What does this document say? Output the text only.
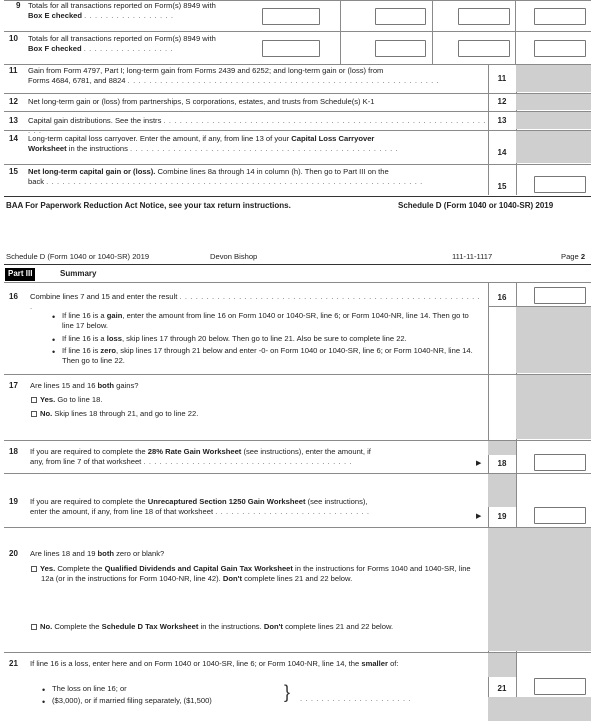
9 Totals for all transactions reported on Form(s) 8949 with
Box E checked . . . . . . . . . . . . . . . . .
10 Totals for all transactions reported on Form(s) 8949 with
Box F checked . . . . . . . . . . . . . . . . .
11 Gain from Form 4797, Part I; long-term gain from Forms 2439 and 6252; and long-term gain or (loss) from
Forms 4684, 6781, and 8824 . . . . . . . . . . . . . . . . . . . . . . . . . . . . . . . . . . . . . . . . . . . . . . . . . . . . . . . . . .	11
12 Net long-term gain or (loss) from partnerships, S corporations, estates, and trusts from Schedule(s) K-1	12
13 Capital gain distributions. See the instrs . . . . . . . . . . . . . . . . . . . . . . . . . . . . . . . . . . . . . . . . . . . . . . . . . . . . . . . . . . . . . . .
13
14 Long-term capital loss carryover. Enter the amount, if any, from line 13 of your Capital Loss Carryover
Worksheet in the instructions . . . . . . . . . . . . . . . . . . . . . . . . . . . . . . . . . . . . . . . . . . . . . . . . . .	14
15 Net long-term capital gain or (loss). Combine lines 8a through 14 in column (h). Then go to Part III on the
back . . . . . . . . . . . . . . . . . . . . . . . . . . . . . . . . . . . . . . . . . . . . . . . . . . . . . . . . . . . . . . . . . . . . . .
15
BAA For Paperwork Reduction Act Notice, see your tax return instructions.	Schedule D (Form 1040 or 1040-SR) 2019
Schedule D (Form 1040 or 1040-SR) 2019	Devon Bishop	111-11-1117	Page 2
Part III	Summary
16 Combine lines 7 and 15 and enter the result . . . . . . . . . . . . . . . . . . . . . . . . . . . . . . . . . . . . . . . . . . . . . . . . . . . . . . . . .
16
• If line 16 is a gain, enter the amount from line 16 on Form 1040 or 1040-SR, line 6; or Form 1040-NR, line 14. Then go to line 17 below.
• If line 16 is a loss, skip lines 17 through 20 below. Then go to line 21. Also be sure to complete line 22.
• If line 16 is zero, skip lines 17 through 21 below and enter -0- on Form 1040 or 1040-SR, line 6; or Form 1040-NR, line 14. Then go to line 22.
17 Are lines 15 and 16 both gains?
Yes. Go to line 18.
No. Skip lines 18 through 21, and go to line 22.
18 If you are required to complete the 28% Rate Gain Worksheet (see instructions), enter the amount, if
any, from line 7 of that worksheet . . . . . . . . . . . . . . . . . . . . . . . . . . . . . . . . . . . . . . .	▶	18
19 If you are required to complete the Unrecaptured Section 1250 Gain Worksheet (see instructions),
enter the amount, if any, from line 18 of that worksheet . . . . . . . . . . . . . . . . . . . . . . . . . . . . .
▶	19
20 Are lines 18 and 19 both zero or blank?
Yes. Complete the Qualified Dividends and Capital Gain Tax Worksheet in the instructions for Forms 1040 and 1040-SR, line 12a (or in the instructions for Form 1040-NR, line 42). Don't complete lines 21 and 22 below.
No. Complete the Schedule D Tax Worksheet in the instructions. Don't complete lines 21 and 22 below.
21 If line 16 is a loss, enter here and on Form 1040 or 1040-SR, line 6; or Form 1040-NR, line 14, the smaller of:
• The loss on line 16; or
• ($3,000), or if married filing separately, ($1,500)	} . . . . . . . . . . . . . . . . . . . . .
21
